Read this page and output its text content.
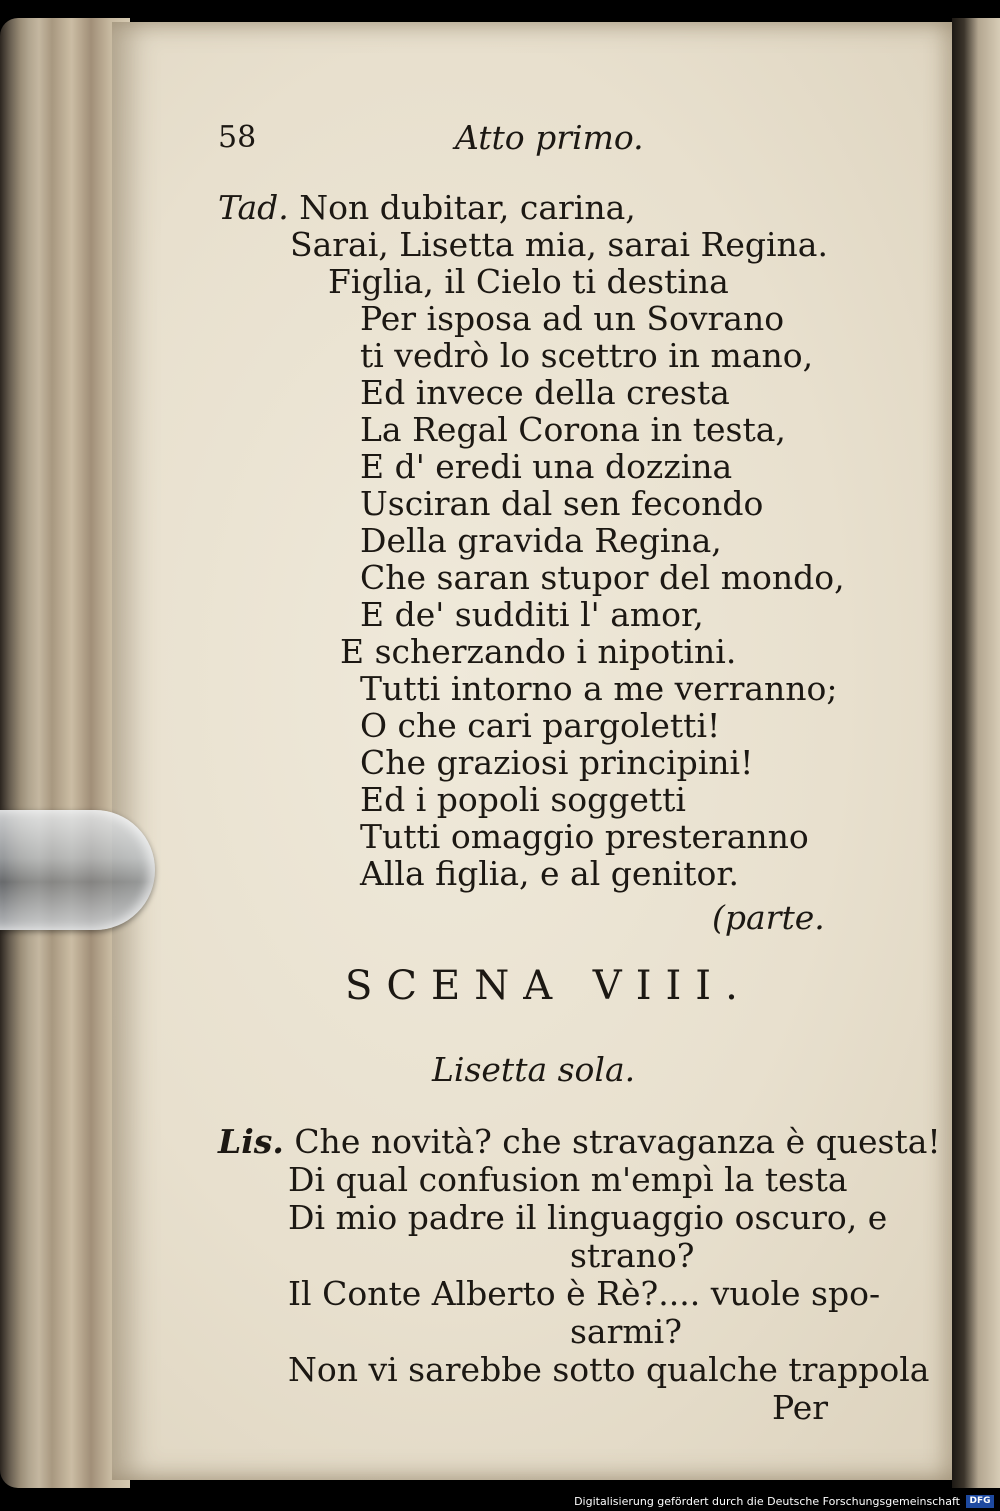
58	Atto primo.
Tad. Non dubitar, carina,
Sarai, Lisetta mia, sarai Regina.
Figlia, il Cielo ti destina
Per isposa ad un Sovrano
ti vedrò lo scettro in mano,
Ed invece della cresta
La Regal Corona in testa,
E d' eredi una dozzina
Usciran dal sen fecondo
Della gravida Regina,
Che saran stupor del mondo,
E de' sudditi l' amor,
E scherzando i nipotini.
Tutti intorno a me verranno;
O che cari pargoletti!
Che graziosi principini!
Ed i popoli soggetti
Tutti omaggio presteranno
Alla figlia, e al genitor.
(parte.
SCENA VIII.
Lisetta sola.
Lis. Che novità? che stravaganza è questa!
Di qual confusion m'empì la testa
Di mio padre il linguaggio oscuro, e
strano?
Il Conte Alberto è Rè?.... vuole spo-
sarmi?
Non vi sarebbe sotto qualche trappola
Per
Digitalisierung gefördert durch die Deutsche Forschungsgemeinschaft	DFG
